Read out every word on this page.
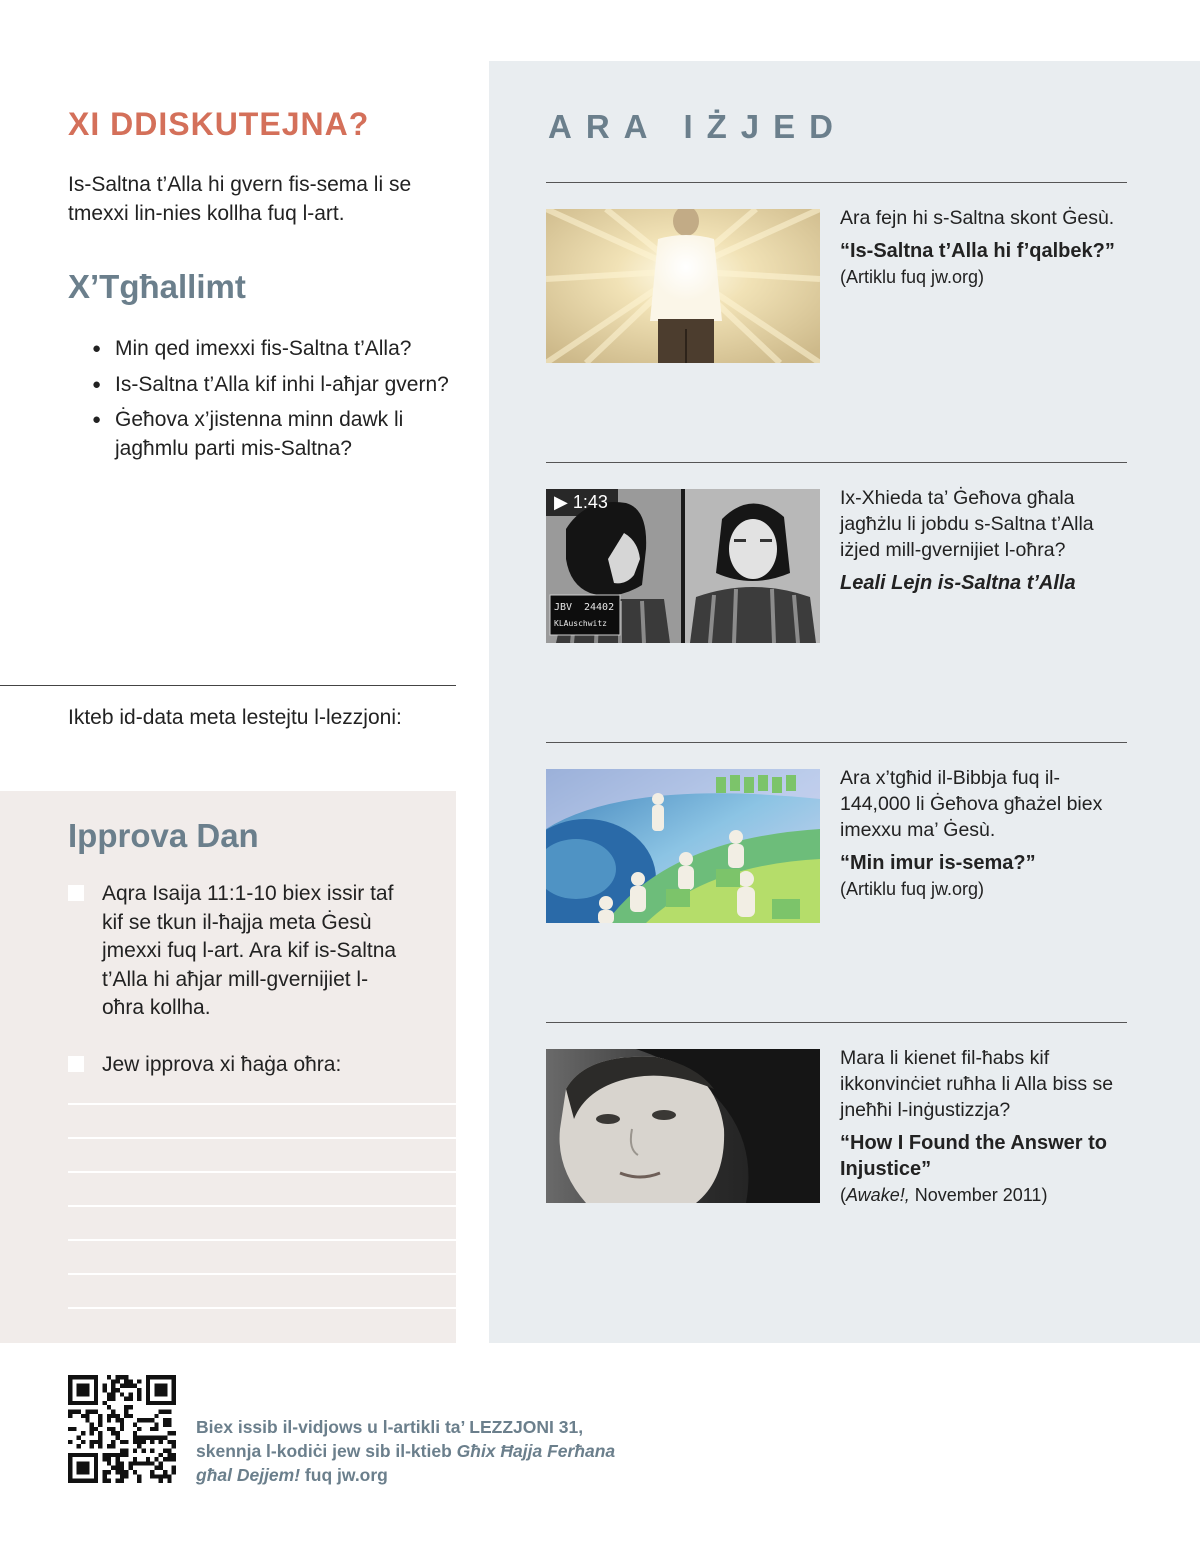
XI DDISKUTEJNA?

Is-Saltna t’Alla hi gvern fis-sema li se tmexxi lin-nies kollha fuq l-art.

X’Tgħallimt
● Min qed imexxi fis-Saltna t’Alla?
● Is-Saltna t’Alla kif inhi l-aħjar gvern?
● Ġeħova x’jistenna minn dawk li jagħmlu parti mis-Saltna?

Ikteb id-data meta lestejtu l-lezzjoni:

Ipprova Dan

Aqra Isaija 11:1-10 biex issir taf kif se tkun il-ħajja meta Ġesù jmexxi fuq l-art. Ara kif is-Saltna t’Alla hi aħjar mill-gvernijiet l-oħra kollha.

Jew ipprova xi ħaġa oħra:

ARA IŻJED
Ara fejn hi s-Saltna skont Ġesù.
“Is-Saltna t’Alla hi f’qalbek?”
(Artiklu fuq jw.org)
JBV 24402
KLAuschwitz
▶ 1:43	Ix-Xhieda ta’ Ġeħova għala jagħżlu li jobdu s-Saltna t’Alla iżjed mill-gvernijiet l-oħra?
Leali Lejn is-Saltna t’Alla
Ara x’tgħid il-Bibbja fuq il-144,000 li Ġeħova għażel biex imexxu ma’ Ġesù.
“Min imur is-sema?”
(Artiklu fuq jw.org)
Mara li kienet fil-ħabs kif ikkonvinċiet ruħha li Alla biss se jneħħi l-inġustizzja?
“How I Found the Answer to Injustice”
(Awake!, November 2011)
Biex issib il-vidjows u l-artikli ta’ LEZZJONI 31,
skennja l-kodiċi jew sib il-ktieb Għix Ħajja Ferħana
għal Dejjem! fuq jw.org
